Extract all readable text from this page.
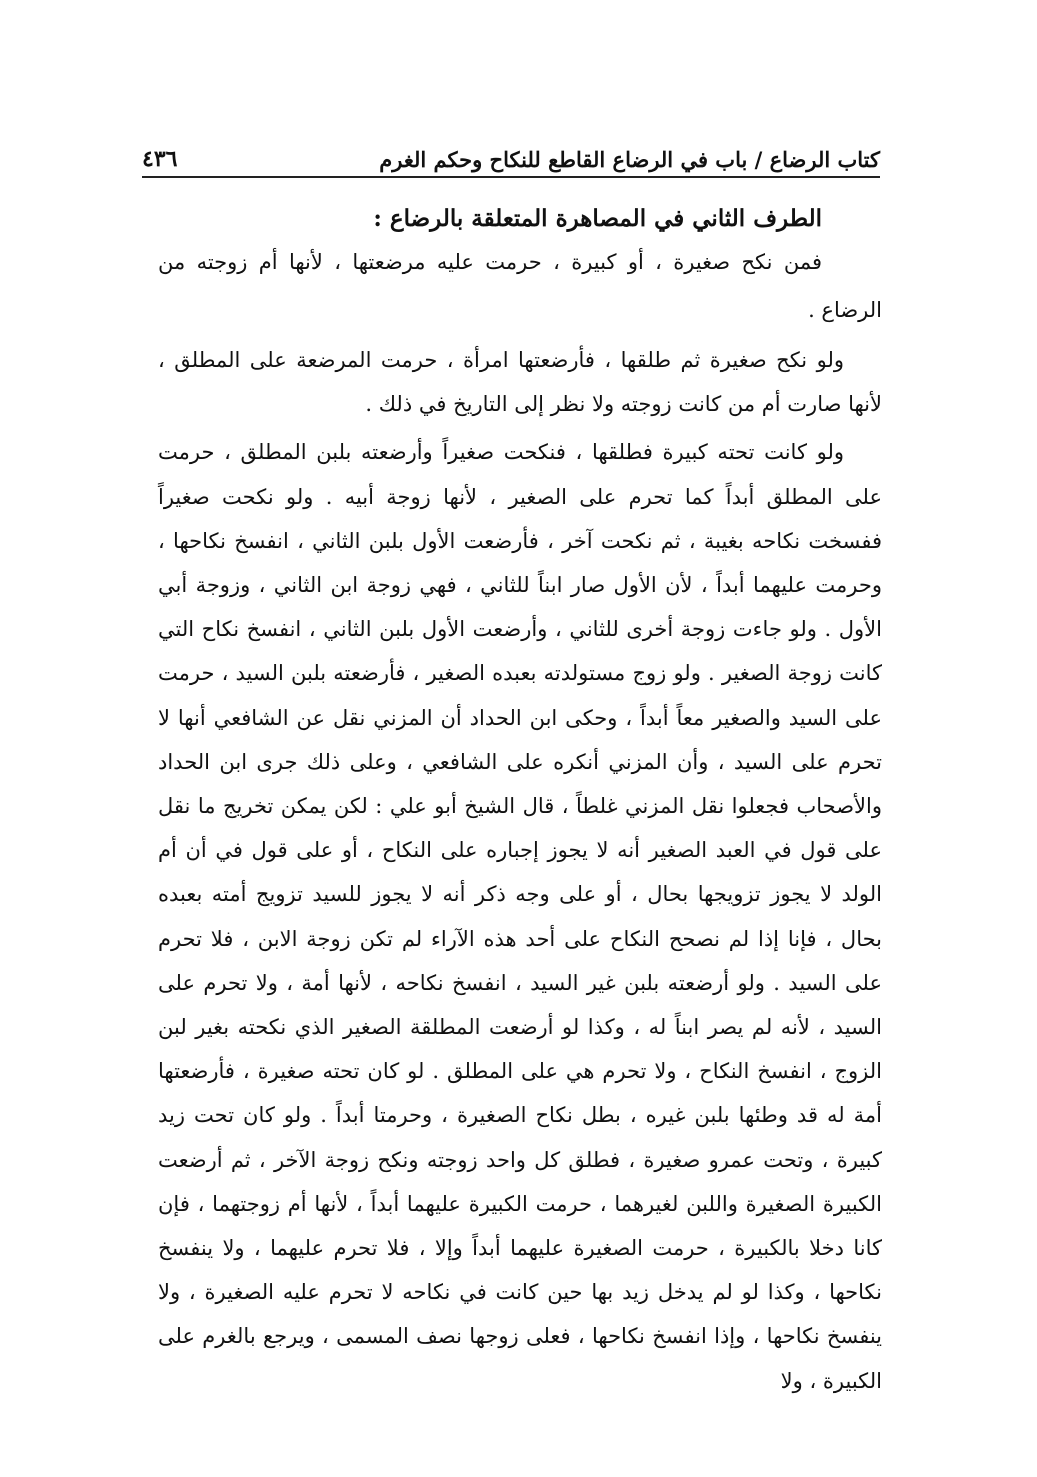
كتاب الرضاع / باب في الرضاع القاطع للنكاح وحكم الغرم
٤٣٦

الطرف الثاني في المصاهرة المتعلقة بالرضاع :

فمن نكح صغيرة ، أو كبيرة ، حرمت عليه مرضعتها ، لأنها أم زوجته من الرضاع .

ولو نكح صغيرة ثم طلقها ، فأرضعتها امرأة ، حرمت المرضعة على المطلق ، لأنها صارت أم من كانت زوجته ولا نظر إلى التاريخ في ذلك .

ولو كانت تحته كبيرة فطلقها ، فنكحت صغيراً وأرضعته بلبن المطلق ، حرمت على المطلق أبداً كما تحرم على الصغير ، لأنها زوجة أبيه . ولو نكحت صغيراً ففسخت نكاحه بغيبة ، ثم نكحت آخر ، فأرضعت الأول بلبن الثاني ، انفسخ نكاحها ، وحرمت عليهما أبداً ، لأن الأول صار ابناً للثاني ، فهي زوجة ابن الثاني ، وزوجة أبي الأول . ولو جاءت زوجة أخرى للثاني ، وأرضعت الأول بلبن الثاني ، انفسخ نكاح التي كانت زوجة الصغير . ولو زوج مستولدته بعبده الصغير ، فأرضعته بلبن السيد ، حرمت على السيد والصغير معاً أبداً ، وحكى ابن الحداد أن المزني نقل عن الشافعي أنها لا تحرم على السيد ، وأن المزني أنكره على الشافعي ، وعلى ذلك جرى ابن الحداد والأصحاب فجعلوا نقل المزني غلطاً ، قال الشيخ أبو علي : لكن يمكن تخريج ما نقل على قول في العبد الصغير أنه لا يجوز إجباره على النكاح ، أو على قول في أن أم الولد لا يجوز تزويجها بحال ، أو على وجه ذكر أنه لا يجوز للسيد تزويج أمته بعبده بحال ، فإنا إذا لم نصحح النكاح على أحد هذه الآراء لم تكن زوجة الابن ، فلا تحرم على السيد . ولو أرضعته بلبن غير السيد ، انفسخ نكاحه ، لأنها أمة ، ولا تحرم على السيد ، لأنه لم يصر ابناً له ، وكذا لو أرضعت المطلقة الصغير الذي نكحته بغير لبن الزوج ، انفسخ النكاح ، ولا تحرم هي على المطلق . لو كان تحته صغيرة ، فأرضعتها أمة له قد وطئها بلبن غيره ، بطل نكاح الصغيرة ، وحرمتا أبداً . ولو كان تحت زيد كبيرة ، وتحت عمرو صغيرة ، فطلق كل واحد زوجته ونكح زوجة الآخر ، ثم أرضعت الكبيرة الصغيرة واللبن لغيرهما ، حرمت الكبيرة عليهما أبداً ، لأنها أم زوجتهما ، فإن كانا دخلا بالكبيرة ، حرمت الصغيرة عليهما أبداً وإلا ، فلا تحرم عليهما ، ولا ينفسخ نكاحها ، وكذا لو لم يدخل زيد بها حين كانت في نكاحه لا تحرم عليه الصغيرة ، ولا ينفسخ نكاحها ، وإذا انفسخ نكاحها ، فعلى زوجها نصف المسمى ، ويرجع بالغرم على الكبيرة ، ولا
